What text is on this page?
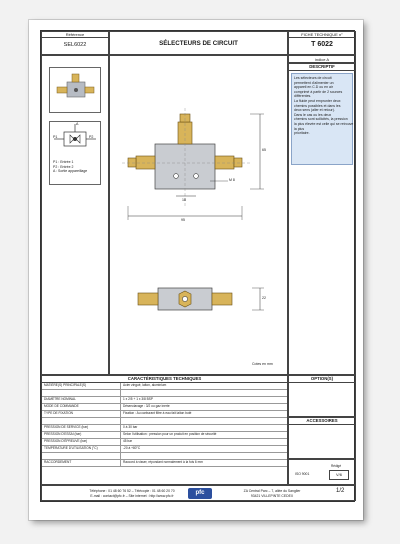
Référence
SEL6022	SÉLECTEURS DE CIRCUIT
FICHE TECHNIQUE n°
T 6022
indice A
P1	P2
A
P1 : Entrée 1
P2 : Entrée 2
A : Sortie appareillage
95
18
65
22
M 8
Cotes en mm
DESCRIPTIF
Les sélecteurs de circuit
permettent d'alimenter un
appareil en C.D ou en air
comprimé à partir de 2 sources
différentes.
La fluide peut emprunter deux
chemins possibles et dans les
deux sens (aller et retour).
Dans le cas ou les deux
chemins sont sollicités, la pression
la plus élevée est celle qui se retrouve
la plus
prioritaire.
CARACTÉRISTIQUES TECHNIQUES
MATIÈRE(S) PRINCIPALE(S)	Acier zingué, laiton, aluminium
DIAMÈTRE NOMINAL	1 x 2/5 + 1 x 3/8 BSP
MODE DE COMMANDE	Désenclavage : 3/2 ou gaz inerte
TYPE DE FIXATION	Fixation : Au carburant filtre à eau fait laiton buté
PRESSION DE SERVICE (bar)	0 à 30 bar
PRESSION D'ESSAI (bar)	Selon l'utilisation : pression pour un produit en position de sécurité
PRESSION D'ÉPREUVE (bar)	45 bar
TEMPÉRATURE D'UTILISATION (°C)	-20 à +80°C
RACCORDEMENT	Raccord à visser, répondant normalement à la fois 6 mm
OPTION(S)
ACCESSOIRES
ISO 9001
Rédigé
V/6
Téléphone : 01 48 60 76 52 – Télécopie : 01 48 60 20 70
E-mail : contact@pfc.fr – Site internet : http://www.pfc.fr	pfc	ZA Central Parc – 7, allée du Sanglier
93421 VILLEPINTE CEDEX
1/2
